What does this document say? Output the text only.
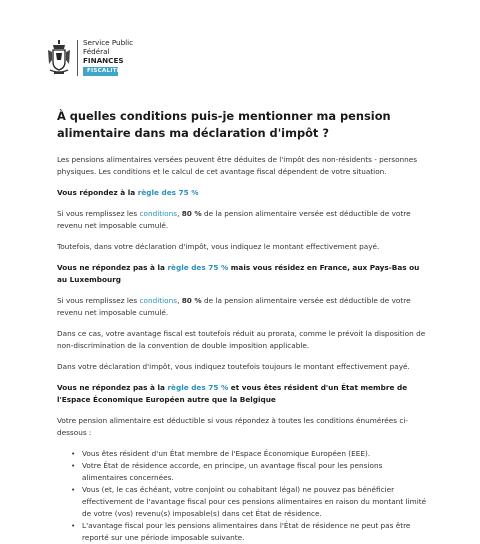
Service Public
Fédéral
FINANCES
FISCALITÉ
À quelles conditions puis-je mentionner ma pension alimentaire dans ma déclaration d'impôt ?

Les pensions alimentaires versées peuvent être déduites de l'impôt des non-résidents - personnes physiques. Les conditions et le calcul de cet avantage fiscal dépendent de votre situation.

Vous répondez à la règle des 75 %

Si vous remplissez les conditions, 80 % de la pension alimentaire versée est déductible de votre revenu net imposable cumulé.

Toutefois, dans votre déclaration d'impôt, vous indiquez le montant effectivement payé.

Vous ne répondez pas à la règle des 75 % mais vous résidez en France, aux Pays-Bas ou au Luxembourg

Si vous remplissez les conditions, 80 % de la pension alimentaire versée est déductible de votre revenu net imposable cumulé.

Dans ce cas, votre avantage fiscal est toutefois réduit au prorata, comme le prévoit la disposition de non-discrimination de la convention de double imposition applicable.

Dans votre déclaration d'impôt, vous indiquez toutefois toujours le montant effectivement payé.

Vous ne répondez pas à la règle des 75 % et vous êtes résident d'un État membre de l'Espace Économique Européen autre que la Belgique

Votre pension alimentaire est déductible si vous répondez à toutes les conditions énumérées ci-dessous :

• Vous êtes résident d'un État membre de l'Espace Économique Européen (EEE).
• Votre État de résidence accorde, en principe, un avantage fiscal pour les pensions alimentaires concernées.
• Vous (et, le cas échéant, votre conjoint ou cohabitant légal) ne pouvez pas bénéficier effectivement de l'avantage fiscal pour ces pensions alimentaires en raison du montant limité de votre (vos) revenu(s) imposable(s) dans cet État de résidence.
• L'avantage fiscal pour les pensions alimentaires dans l'État de résidence ne peut pas être reporté sur une période imposable suivante.
